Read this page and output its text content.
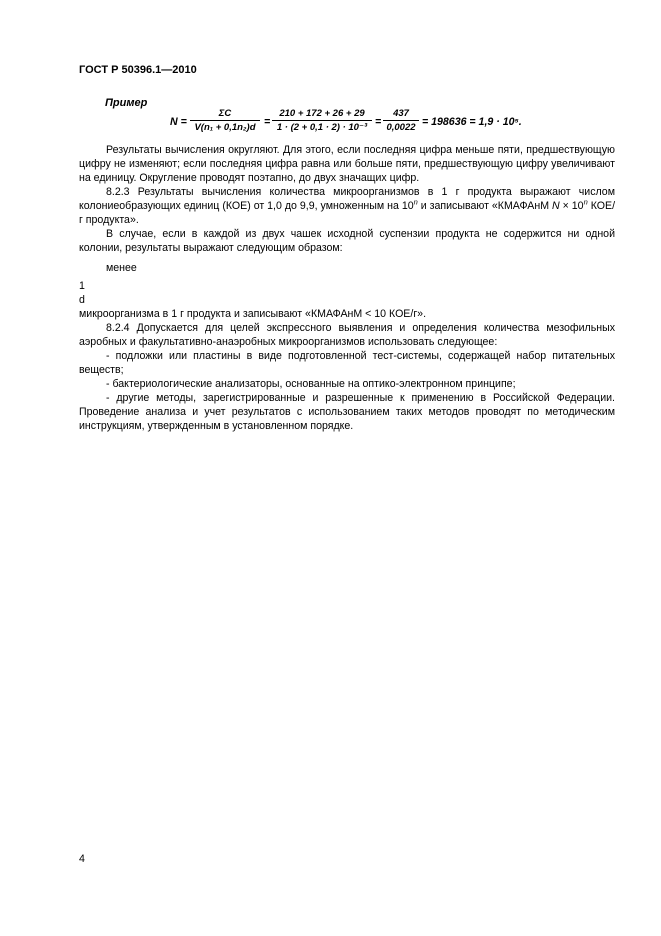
ГОСТ Р 50396.1—2010
Пример
N =
ΣC
V(n₁ + 0,1n₂)d =
210 + 172 + 26 + 29
1 · (2 + 0,1 · 2) · 10⁻³ =
437
0,0022 = 198636 = 1,9 · 10⁵.

Результаты вычисления округляют. Для этого, если последняя цифра меньше пяти, предшествующую цифру не изменяют; если последняя цифра равна или больше пяти, предшествующую цифру увеличивают на единицу. Округление проводят поэтапно, до двух значащих цифр.

8.2.3 Результаты вычисления количества микроорганизмов в 1 г продукта выражают числом колониеобразующих единиц (КОЕ) от 1,0 до 9,9, умноженным на 10$^n$ и записывают «КМАФАнМ $N \times 10^n$ КОЕ/г продукта».

В случае, если в каждой из двух чашек исходной суспензии продукта не содержится ни одной колонии, результаты выражают следующим образом:

менее

1
d
микроорганизма в 1 г продукта и записывают «КМАФАнМ < 10 КОЕ/г».

8.2.4 Допускается для целей экспрессного выявления и определения количества мезофильных аэробных и факультативно-анаэробных микроорганизмов использовать следующее:

- подложки или пластины в виде подготовленной тест-системы, содержащей набор питательных веществ;

- бактериологические анализаторы, основанные на оптико-электронном принципе;

- другие методы, зарегистрированные и разрешенные к применению в Российской Федерации. Проведение анализа и учет результатов с использованием таких методов проводят по методическим инструкциям, утвержденным в установленном порядке.

4
